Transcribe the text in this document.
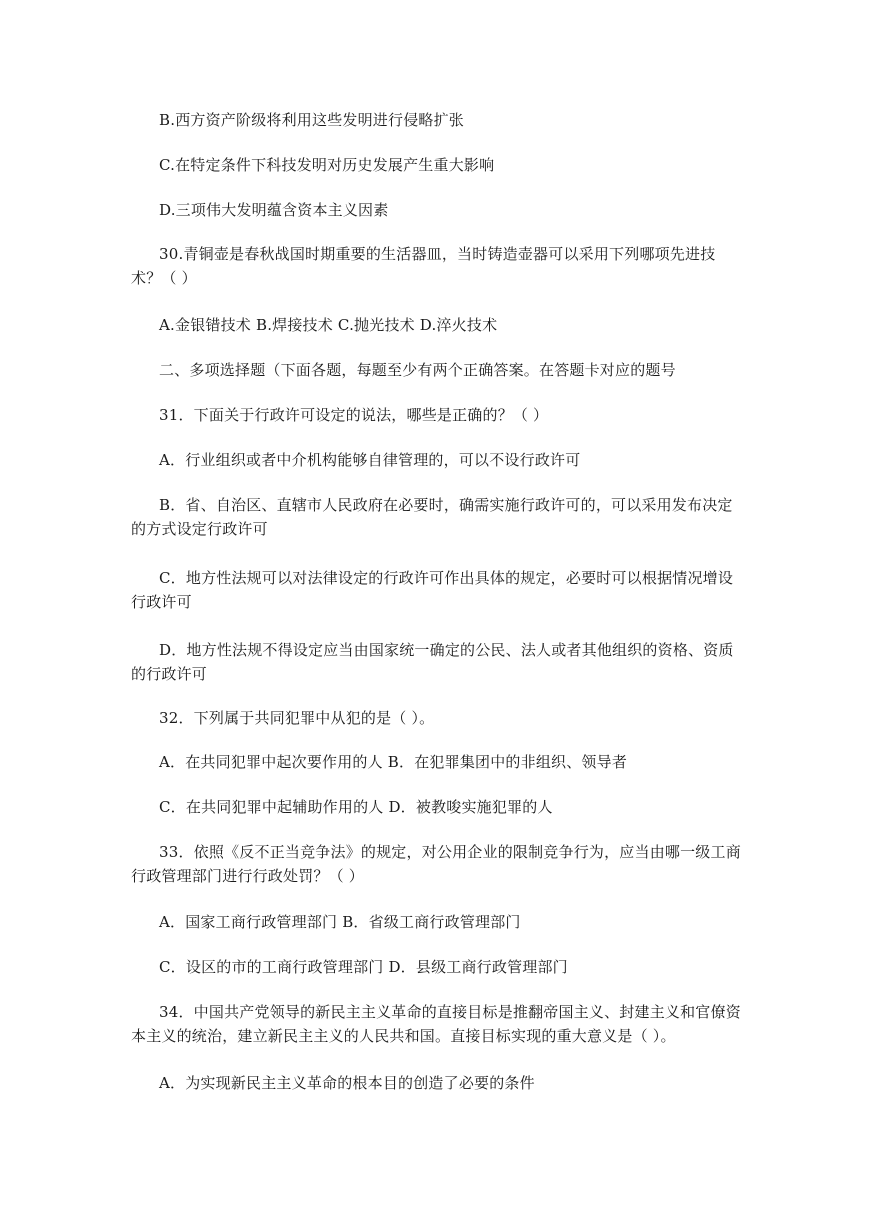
B.西方资产阶级将利用这些发明进行侵略扩张

C.在特定条件下科技发明对历史发展产生重大影响

D.三项伟大发明蕴含资本主义因素

30.青铜壶是春秋战国时期重要的生活器皿，当时铸造壶器可以采用下列哪项先进技术？（ ）

A.金银错技术 B.焊接技术 C.抛光技术 D.淬火技术

二、多项选择题（下面各题，每题至少有两个正确答案。在答题卡对应的题号

31．下面关于行政许可设定的说法，哪些是正确的？（ ）

A．行业组织或者中介机构能够自律管理的，可以不设行政许可

B．省、自治区、直辖市人民政府在必要时，确需实施行政许可的，可以采用发布决定的方式设定行政许可

C．地方性法规可以对法律设定的行政许可作出具体的规定，必要时可以根据情况增设行政许可

D．地方性法规不得设定应当由国家统一确定的公民、法人或者其他组织的资格、资质的行政许可

32．下列属于共同犯罪中从犯的是（ ）。

A．在共同犯罪中起次要作用的人 B．在犯罪集团中的非组织、领导者

C．在共同犯罪中起辅助作用的人 D．被教唆实施犯罪的人

33．依照《反不正当竞争法》的规定，对公用企业的限制竞争行为，应当由哪一级工商行政管理部门进行行政处罚？（ ）

A．国家工商行政管理部门 B．省级工商行政管理部门

C．设区的市的工商行政管理部门 D．县级工商行政管理部门

34．中国共产党领导的新民主主义革命的直接目标是推翻帝国主义、封建主义和官僚资本主义的统治，建立新民主主义的人民共和国。直接目标实现的重大意义是（ ）。

A．为实现新民主主义革命的根本目的创造了必要的条件
